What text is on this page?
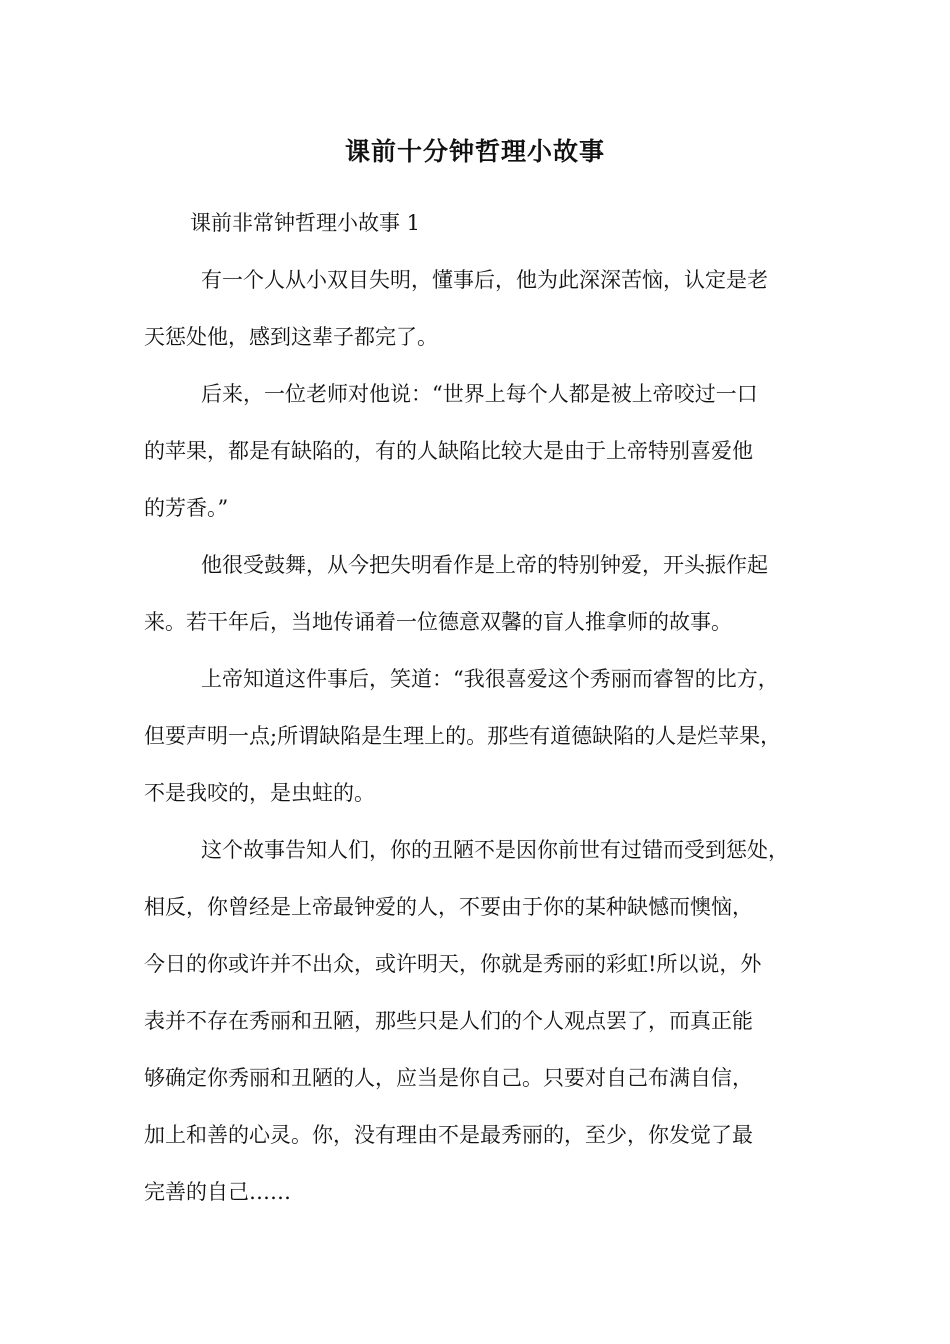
课前十分钟哲理小故事
课前非常钟哲理小故事 1
有一个人从小双目失明，懂事后，他为此深深苦恼，认定是老
天惩处他，感到这辈子都完了。
后来，一位老师对他说：“世界上每个人都是被上帝咬过一口
的苹果，都是有缺陷的，有的人缺陷比较大是由于上帝特别喜爱他
的芳香。”
他很受鼓舞，从今把失明看作是上帝的特别钟爱，开头振作起
来。若干年后，当地传诵着一位德意双馨的盲人推拿师的故事。
上帝知道这件事后，笑道：“我很喜爱这个秀丽而睿智的比方，
但要声明一点;所谓缺陷是生理上的。那些有道德缺陷的人是烂苹果，
不是我咬的，是虫蛀的。
这个故事告知人们，你的丑陋不是因你前世有过错而受到惩处，
相反，你曾经是上帝最钟爱的人，不要由于你的某种缺憾而懊恼，
今日的你或许并不出众，或许明天，你就是秀丽的彩虹!所以说，外
表并不存在秀丽和丑陋，那些只是人们的个人观点罢了，而真正能
够确定你秀丽和丑陋的人，应当是你自己。只要对自己布满自信，
加上和善的心灵。你，没有理由不是最秀丽的，至少，你发觉了最
完善的自己……
